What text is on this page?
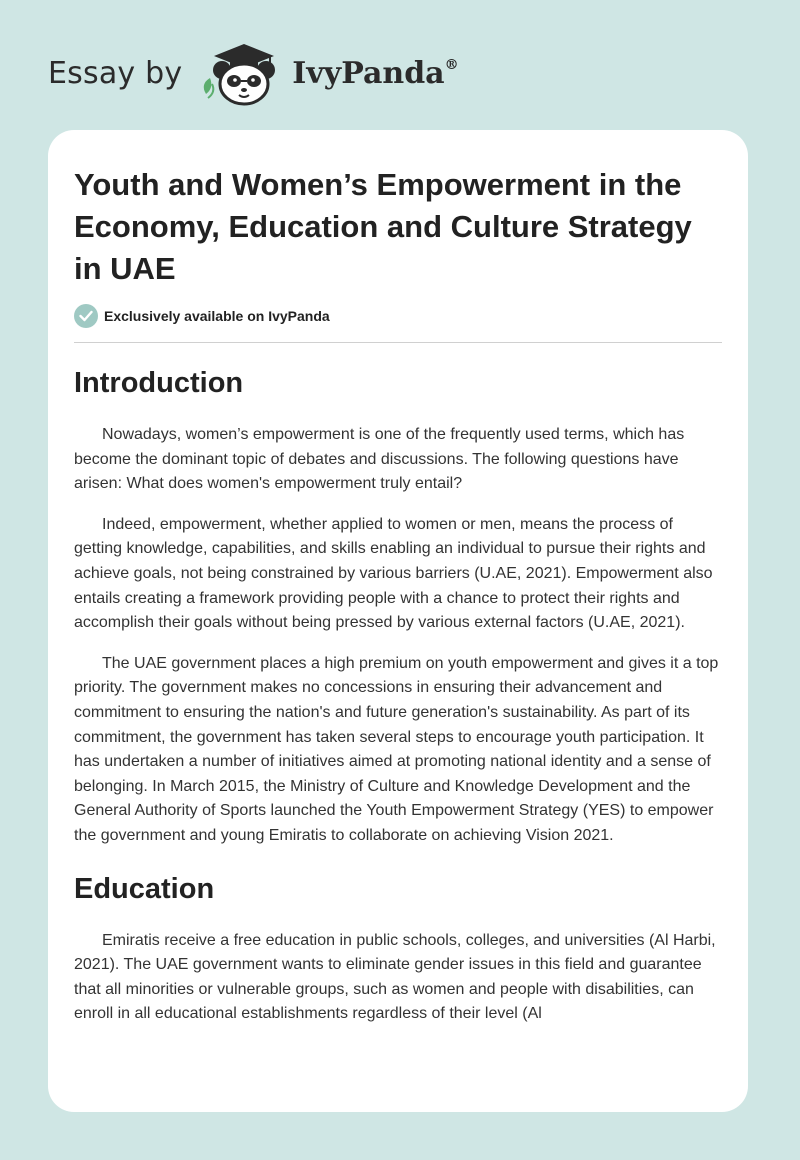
Essay by	IvyPanda®
Youth and Women’s Empowerment in the Economy, Education and Culture Strategy in UAE
Exclusively available on IvyPanda
Introduction

Nowadays, women’s empowerment is one of the frequently used terms, which has become the dominant topic of debates and discussions. The following questions have arisen: What does women's empowerment truly entail?

Indeed, empowerment, whether applied to women or men, means the process of getting knowledge, capabilities, and skills enabling an individual to pursue their rights and achieve goals, not being constrained by various barriers (U.AE, 2021). Empowerment also entails creating a framework providing people with a chance to protect their rights and accomplish their goals without being pressed by various external factors (U.AE, 2021).

The UAE government places a high premium on youth empowerment and gives it a top priority. The government makes no concessions in ensuring their advancement and commitment to ensuring the nation's and future generation's sustainability. As part of its commitment, the government has taken several steps to encourage youth participation. It has undertaken a number of initiatives aimed at promoting national identity and a sense of belonging. In March 2015, the Ministry of Culture and Knowledge Development and the General Authority of Sports launched the Youth Empowerment Strategy (YES) to empower the government and young Emiratis to collaborate on achieving Vision 2021.

Education

Emiratis receive a free education in public schools, colleges, and universities (Al Harbi, 2021). The UAE government wants to eliminate gender issues in this field and guarantee that all minorities or vulnerable groups, such as women and people with disabilities, can enroll in all educational establishments regardless of their level (Al
